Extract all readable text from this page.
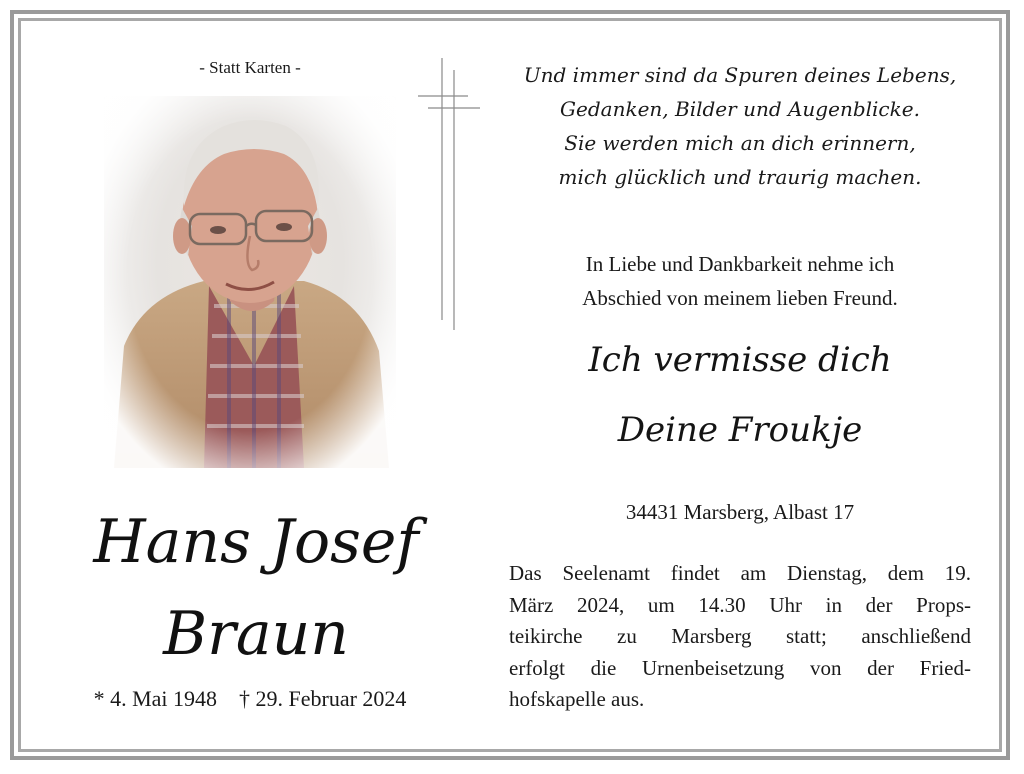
- Statt Karten -
Hans Josef
Braun
* 4. Mai 1948 † 29. Februar 2024
Und immer sind da Spuren deines Lebens,
Gedanken, Bilder und Augenblicke.
Sie werden mich an dich erinnern,
mich glücklich und traurig machen.
In Liebe und Dankbarkeit nehme ich
Abschied von meinem lieben Freund.
Ich vermisse dich
Deine Froukje
34431 Marsberg, Albast 17
Das Seelenamt findet am Dienstag, dem 19.
März 2024, um 14.30 Uhr in der Props-
teikirche zu Marsberg statt; anschließend
erfolgt die Urnenbeisetzung von der Fried-
hofskapelle aus.
